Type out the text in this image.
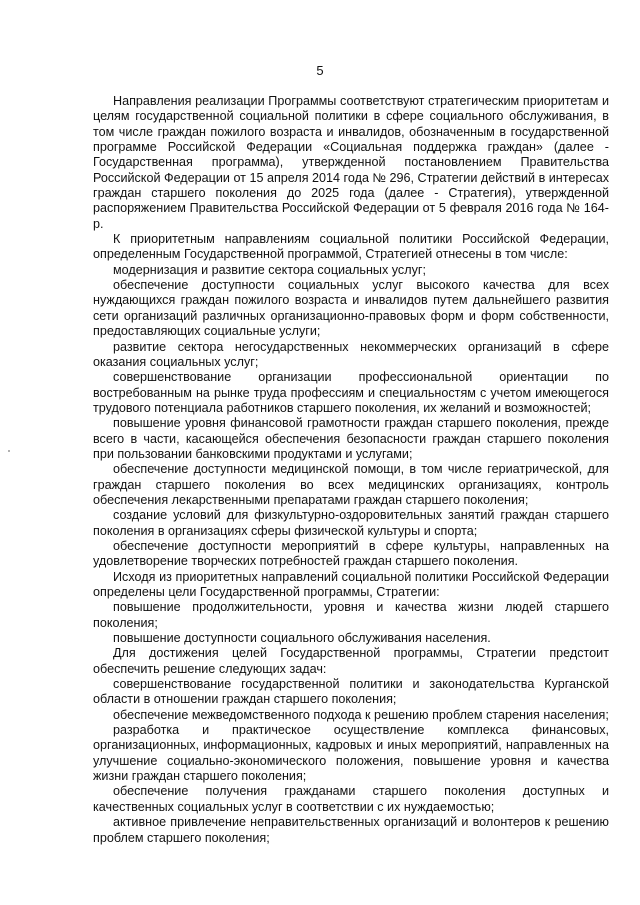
5

Направления реализации Программы соответствуют стратегическим приоритетам и целям государственной социальной политики в сфере социального обслуживания, в том числе граждан пожилого возраста и инвалидов, обозначенным в государственной программе Российской Федерации «Социальная поддержка граждан» (далее - Государственная программа), утвержденной постановлением Правительства Российской Федерации от 15 апреля 2014 года № 296, Стратегии действий в интересах граждан старшего поколения до 2025 года (далее - Стратегия), утвержденной распоряжением Правительства Российской Федерации от 5 февраля 2016 года № 164-р.

К приоритетным направлениям социальной политики Российской Федерации, определенным Государственной программой, Стратегией отнесены в том числе:

модернизация и развитие сектора социальных услуг;

обеспечение доступности социальных услуг высокого качества для всех нуждающихся граждан пожилого возраста и инвалидов путем дальнейшего развития сети организаций различных организационно-правовых форм и форм собственности, предоставляющих социальные услуги;

развитие сектора негосударственных некоммерческих организаций в сфере оказания социальных услуг;

совершенствование организации профессиональной ориентации по востребованным на рынке труда профессиям и специальностям с учетом имеющегося трудового потенциала работников старшего поколения, их желаний и возможностей;

повышение уровня финансовой грамотности граждан старшего поколения, прежде всего в части, касающейся обеспечения безопасности граждан старшего поколения при пользовании банковскими продуктами и услугами;

обеспечение доступности медицинской помощи, в том числе гериатрической, для граждан старшего поколения во всех медицинских организациях, контроль обеспечения лекарственными препаратами граждан старшего поколения;

создание условий для физкультурно-оздоровительных занятий граждан старшего поколения в организациях сферы физической культуры и спорта;

обеспечение доступности мероприятий в сфере культуры, направленных на удовлетворение творческих потребностей граждан старшего поколения.

Исходя из приоритетных направлений социальной политики Российской Федерации определены цели Государственной программы, Стратегии:

повышение продолжительности, уровня и качества жизни людей старшего поколения;

повышение доступности социального обслуживания населения.

Для достижения целей Государственной программы, Стратегии предстоит обеспечить решение следующих задач:

совершенствование государственной политики и законодательства Курганской области в отношении граждан старшего поколения;

обеспечение межведомственного подхода к решению проблем старения населения;

разработка и практическое осуществление комплекса финансовых, организационных, информационных, кадровых и иных мероприятий, направленных на улучшение социально-экономического положения, повышение уровня и качества жизни граждан старшего поколения;

обеспечение получения гражданами старшего поколения доступных и качественных социальных услуг в соответствии с их нуждаемостью;

активное привлечение неправительственных организаций и волонтеров к решению проблем старшего поколения;
